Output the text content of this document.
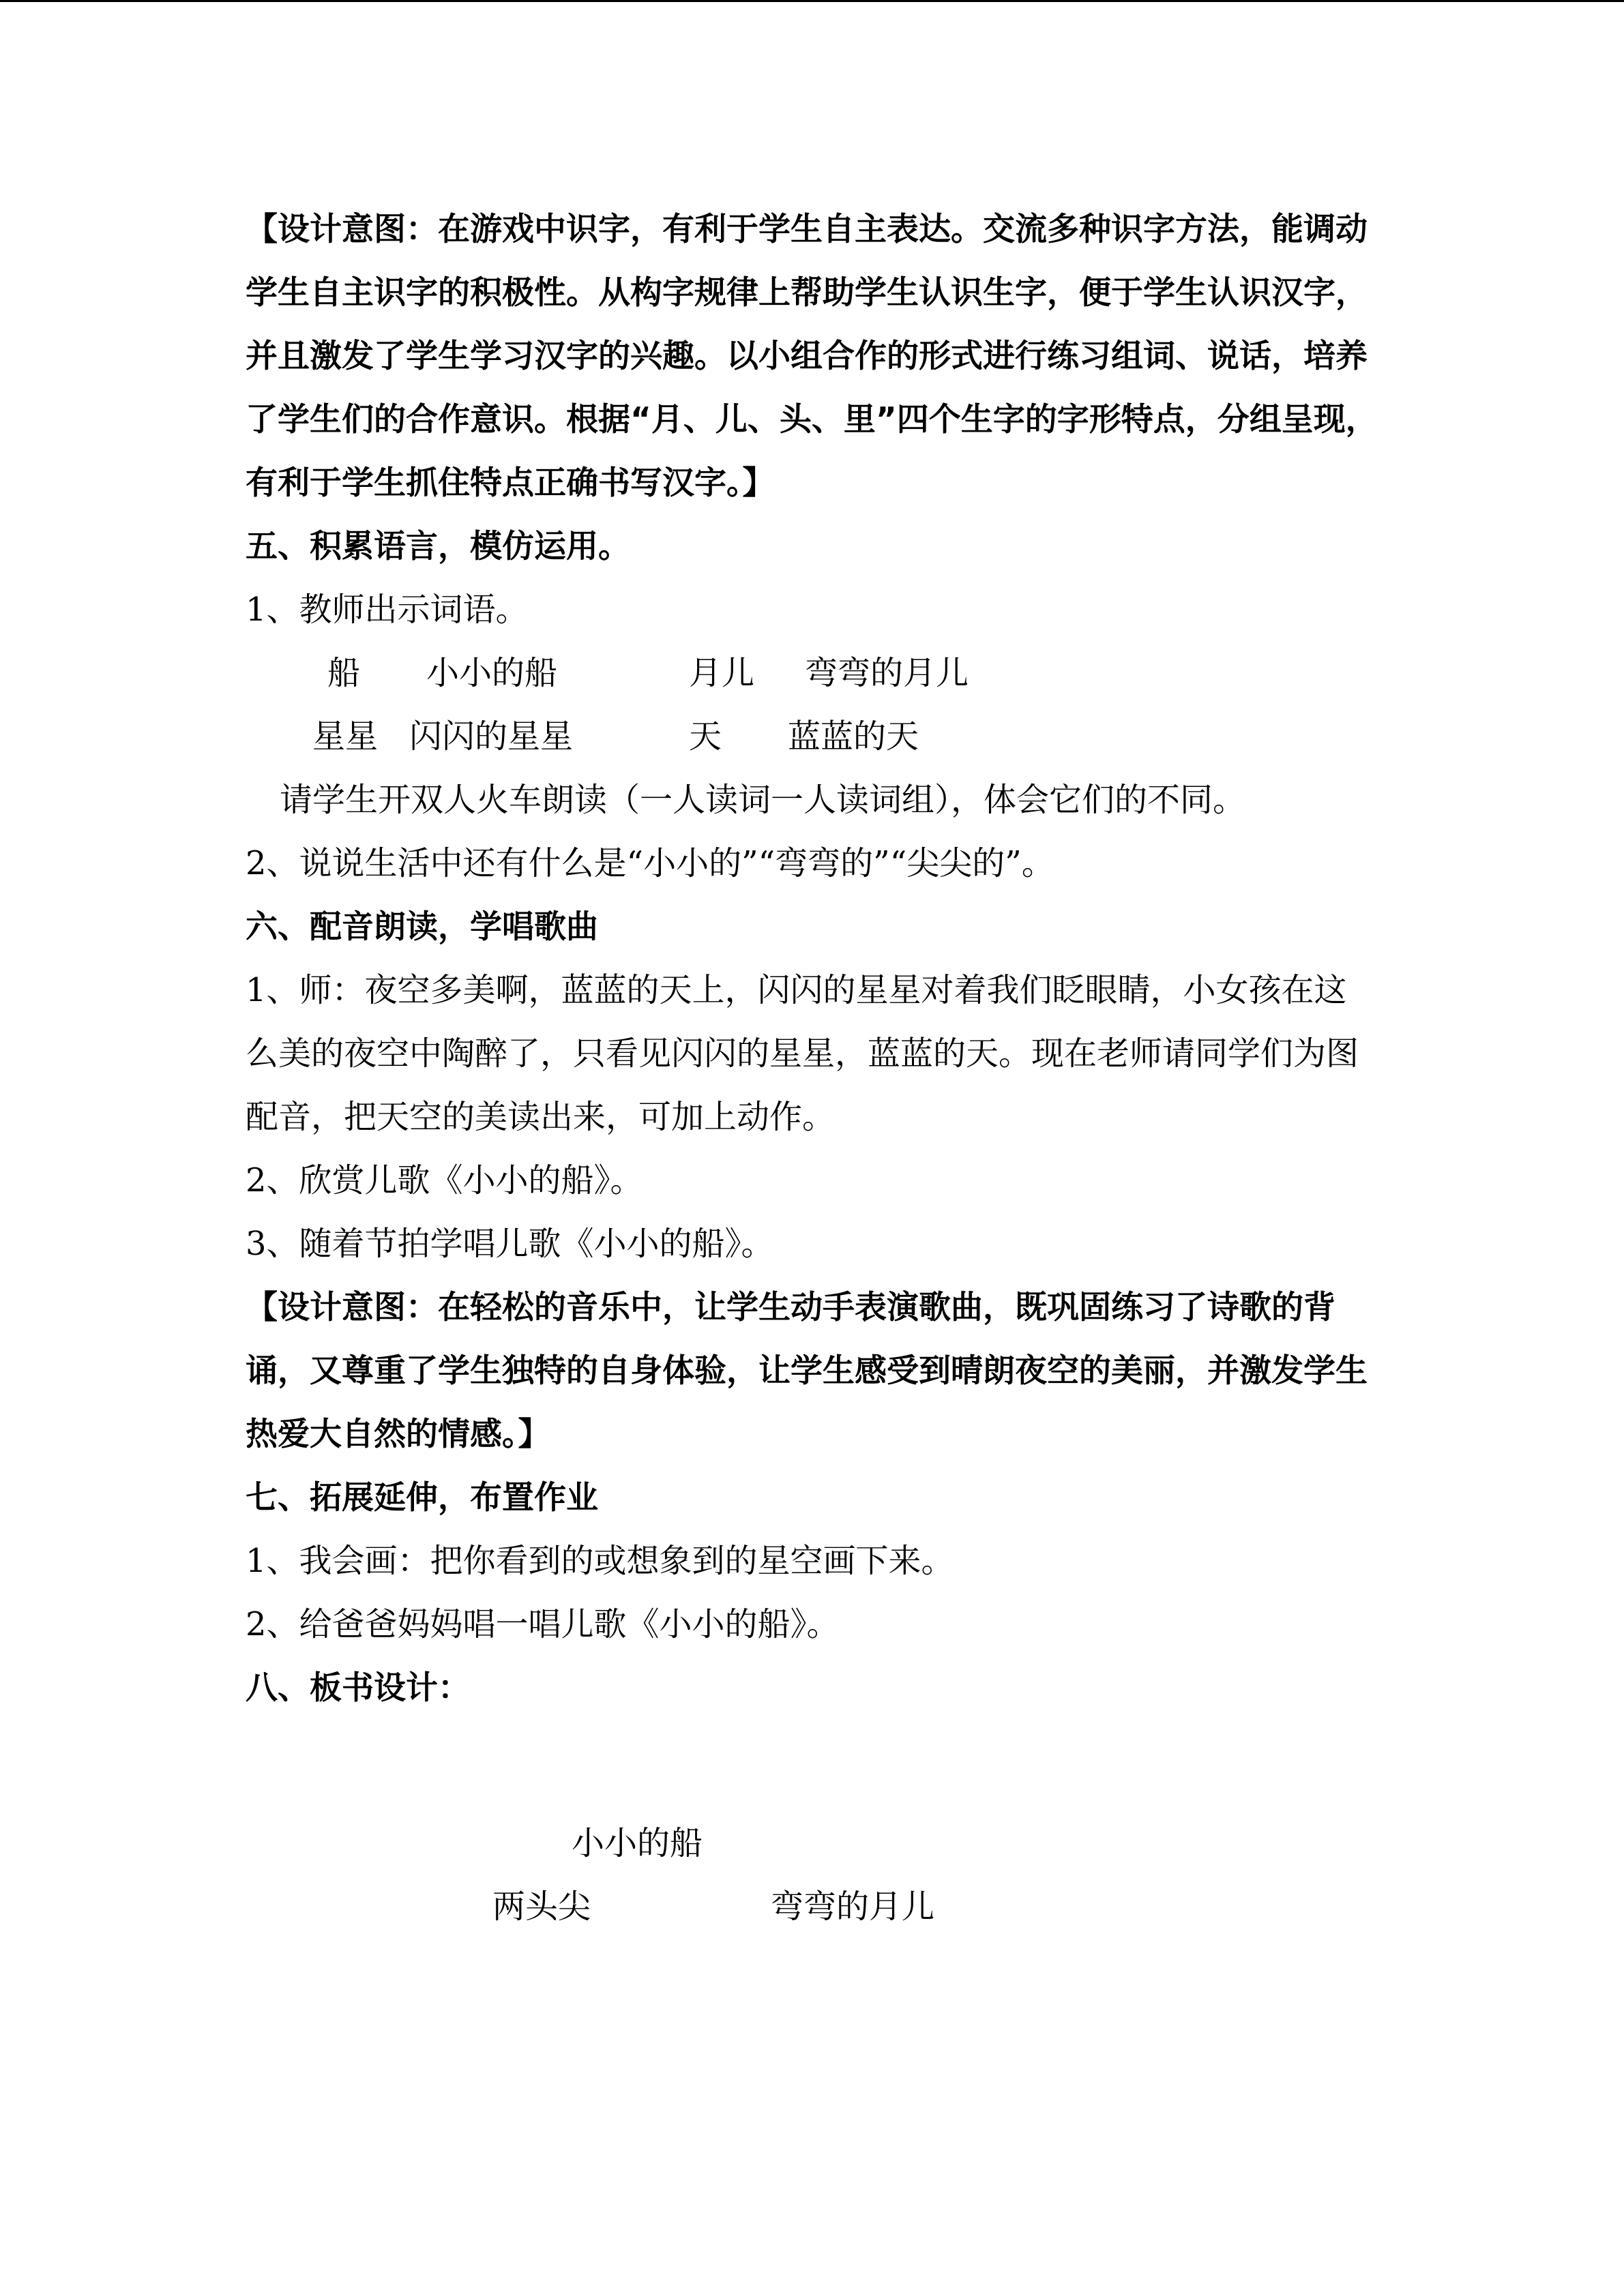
【设计意图：在游戏中识字，有利于学生自主表达。交流多种识字方法，能调动学生自主识字的积极性。从构字规律上帮助学生认识生字，便于学生认识汉字，并且激发了学生学习汉字的兴趣。以小组合作的形式进行练习组词、说话，培养了学生们的合作意识。根据“月、儿、头、里”四个生字的字形特点，分组呈现，有利于学生抓住特点正确书写汉字。】

五、积累语言，模仿运用。

1、教师出示词语。

船 小小的船	月儿 弯弯的月儿
星星 闪闪的星星	天 蓝蓝的天

请学生开双人火车朗读（一人读词一人读词组），体会它们的不同。

2、说说生活中还有什么是“小小的”“弯弯的”“尖尖的”。

六、配音朗读，学唱歌曲

1、师：夜空多美啊，蓝蓝的天上，闪闪的星星对着我们眨眼睛，小女孩在这么美的夜空中陶醉了，只看见闪闪的星星，蓝蓝的天。现在老师请同学们为图配音，把天空的美读出来，可加上动作。

2、欣赏儿歌《小小的船》。

3、随着节拍学唱儿歌《小小的船》。

【设计意图：在轻松的音乐中，让学生动手表演歌曲，既巩固练习了诗歌的背诵，又尊重了学生独特的自身体验，让学生感受到晴朗夜空的美丽，并激发学生热爱大自然的情感。】

七、拓展延伸，布置作业

1、我会画：把你看到的或想象到的星空画下来。

2、给爸爸妈妈唱一唱儿歌《小小的船》。

八、板书设计：

小小的船
两头尖	弯弯的月儿
